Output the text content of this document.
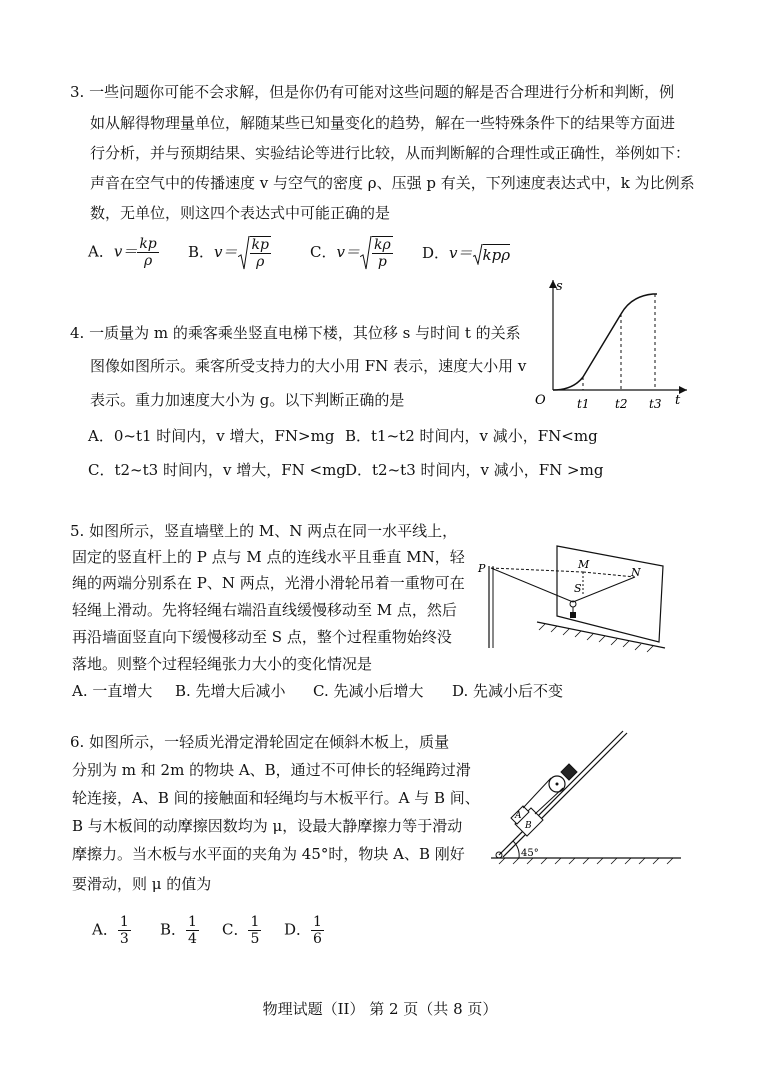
3. 一些问题你可能不会求解，但是你仍有可能对这些问题的解是否合理进行分析和判断，例
如从解得物理量单位，解随某些已知量变化的趋势，解在一些特殊条件下的结果等方面进
行分析，并与预期结果、实验结论等进行比较，从而判断解的合理性或正确性，举例如下：
声音在空气中的传播速度 v 与空气的密度 ρ、压强 p 有关，下列速度表达式中，k 为比例系
数，无单位，则这四个表达式中可能正确的是
A．$v= \frac{kp}{\rho}$ B．$v= \frac{kp}{\rho}$	C．$v= \frac{k\rho}{p}$ D．v＝ kpρ
4. 一质量为 m 的乘客乘坐竖直电梯下楼，其位移 s 与时间 t 的关系
图像如图所示。乘客所受支持力的大小用 FN 表示，速度大小用 v
表示。重力加速度大小为 g。以下判断正确的是
A．0~t1 时间内，v 增大，FN>mg B．t1~t2 时间内，v 减小，FN<mg
C．t2~t3 时间内，v 增大，FN <mg D．t2~t3 时间内，v 减小，FN >mg
s
t
O	t1 t2 t3
5. 如图所示，竖直墙壁上的 M、N 两点在同一水平线上，
固定的竖直杆上的 P 点与 M 点的连线水平且垂直 MN，轻
绳的两端分别系在 P、N 两点，光滑小滑轮吊着一重物可在
轻绳上滑动。先将轻绳右端沿直线缓慢移动至 M 点，然后
再沿墙面竖直向下缓慢移动至 S 点，整个过程重物始终没
落地。则整个过程轻绳张力大小的变化情况是
A. 一直增大 B. 先增大后减小 C. 先减小后增大 D. 先减小后不变
P	M
N
S
6. 如图所示，一轻质光滑定滑轮固定在倾斜木板上，质量
分别为 m 和 2m 的物块 A、B，通过不可伸长的轻绳跨过滑
轮连接，A、B 间的接触面和轻绳均与木板平行。A 与 B 间、
B 与木板间的动摩擦因数均为 μ，设最大静摩擦力等于滑动
摩擦力。当木板与水平面的夹角为 45°时，物块 A、B 刚好
要滑动，则 μ 的值为
A． $\frac{1}{3}$ B． $\frac{1}{4}$ C． $\frac{1}{5}$ D． $\frac{1}{6}$
45°
A
B
物理试题（II） 第 2 页（共 8 页）
